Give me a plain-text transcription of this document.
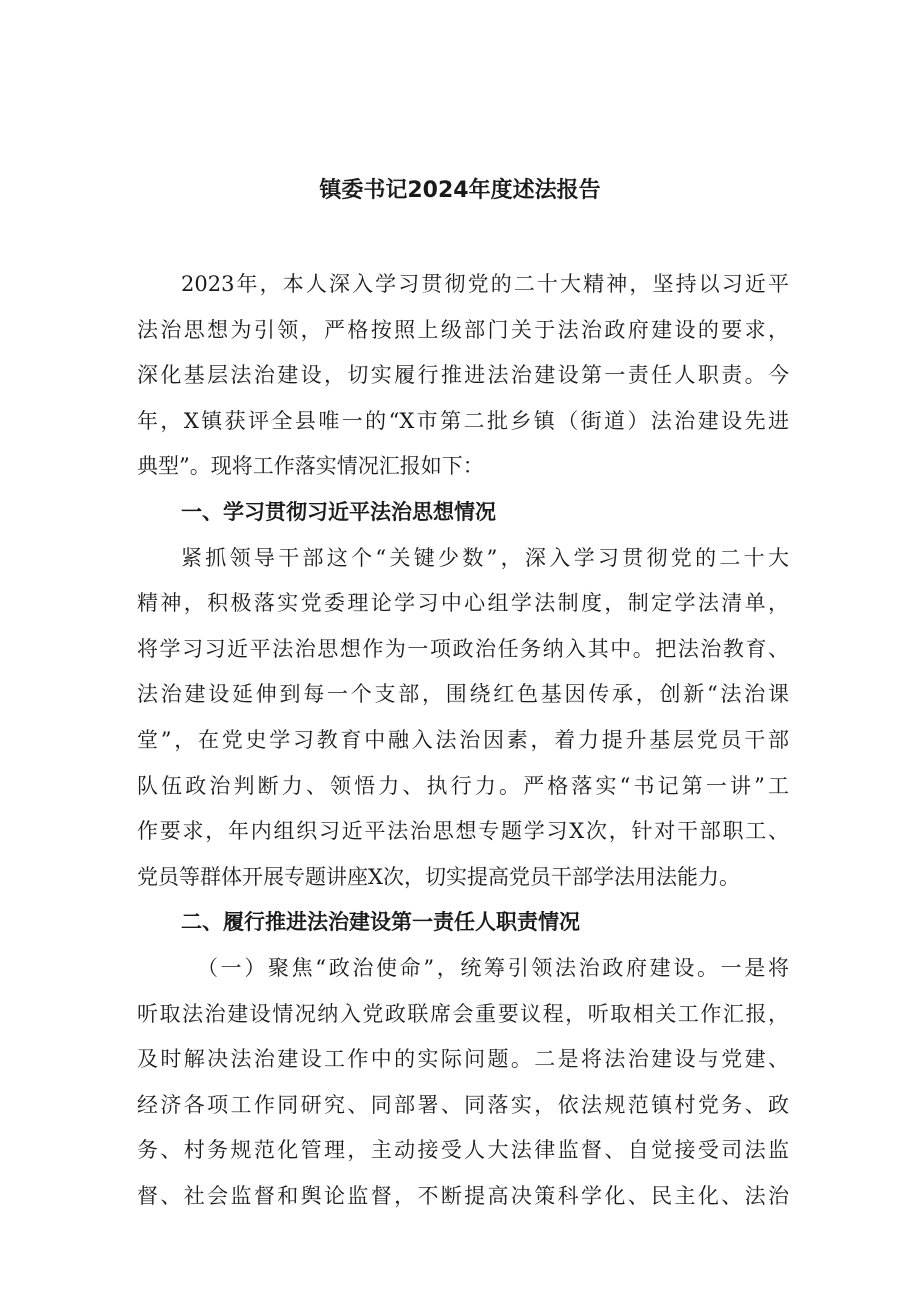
镇委书记2024年度述法报告
2023年，本人深入学习贯彻党的二十大精神，坚持以习近平
法治思想为引领，严格按照上级部门关于法治政府建设的要求，
深化基层法治建设，切实履行推进法治建设第一责任人职责。今
年，X镇获评全县唯一的“X市第二批乡镇（街道）法治建设先进
典型”。现将工作落实情况汇报如下：
一、学习贯彻习近平法治思想情况
紧抓领导干部这个“关键少数”，深入学习贯彻党的二十大
精神，积极落实党委理论学习中心组学法制度，制定学法清单，
将学习习近平法治思想作为一项政治任务纳入其中。把法治教育、
法治建设延伸到每一个支部，围绕红色基因传承，创新“法治课
堂”，在党史学习教育中融入法治因素，着力提升基层党员干部
队伍政治判断力、领悟力、执行力。严格落实“书记第一讲”工
作要求，年内组织习近平法治思想专题学习X次，针对干部职工、
党员等群体开展专题讲座X次，切实提高党员干部学法用法能力。
二、履行推进法治建设第一责任人职责情况
（一）聚焦“政治使命”，统筹引领法治政府建设。一是将
听取法治建设情况纳入党政联席会重要议程，听取相关工作汇报，
及时解决法治建设工作中的实际问题。二是将法治建设与党建、
经济各项工作同研究、同部署、同落实，依法规范镇村党务、政
务、村务规范化管理，主动接受人大法律监督、自觉接受司法监
督、社会监督和舆论监督，不断提高决策科学化、民主化、法治
